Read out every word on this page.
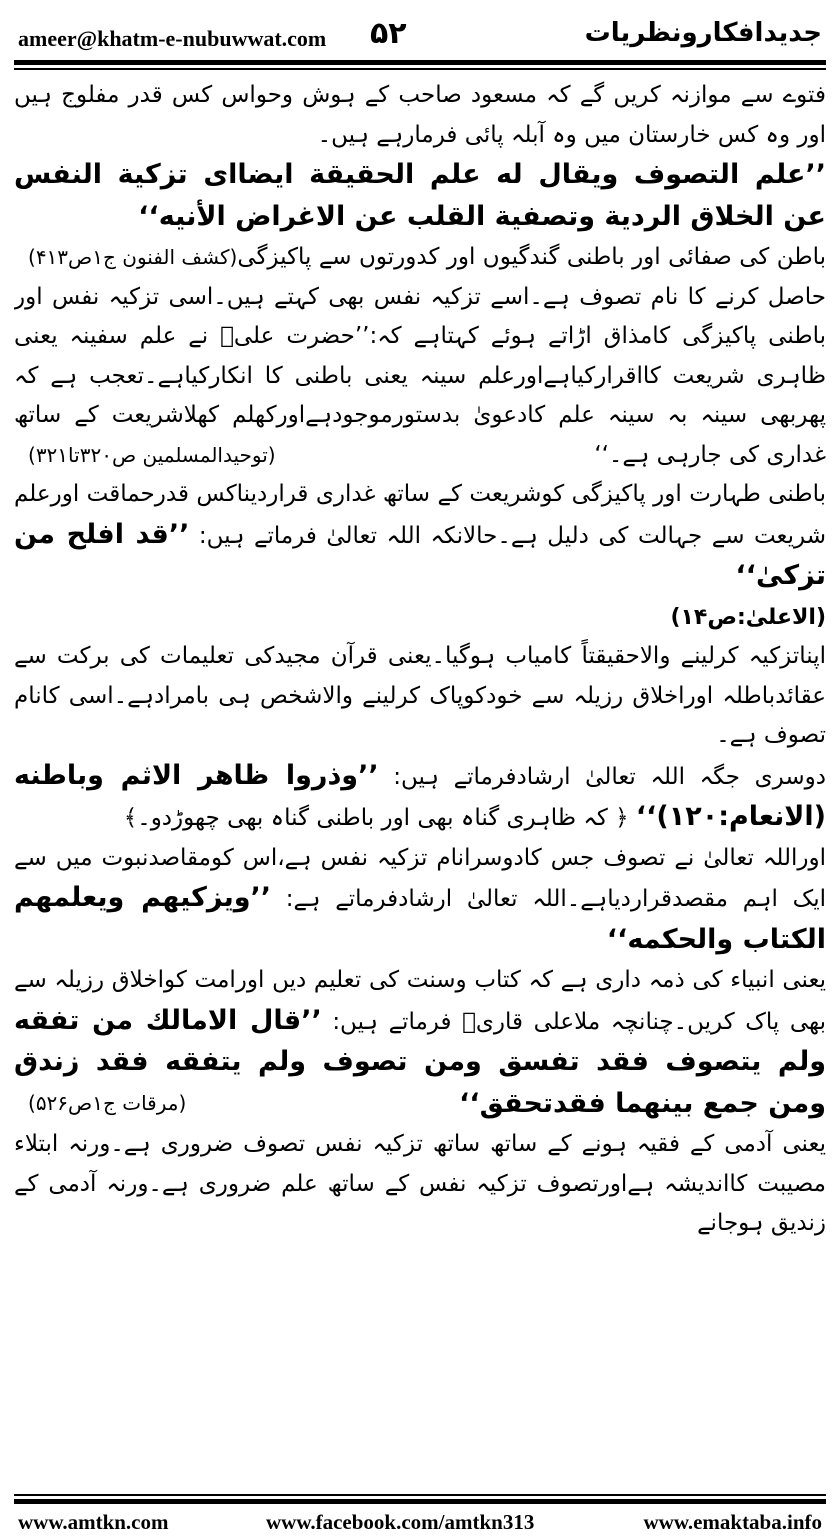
ameer@khatm-e-nubuwwat.com ۵۲	جدیدافکارونظریات

فتوے سے موازنہ کریں گے کہ مسعود صاحب کے ہوش وحواس کس قدر مفلوج ہیں اور وہ کس خارستان میں وہ آبلہ پائی فرمارہے ہیں۔

’’علم التصوف ویقال له علم الحقیقة ایضاای تزکیة النفس عن الخلاق الردیة وتصفیة القلب عن الاغراض الأنیه‘‘
(کشف الفنون ج۱ص۴۱۳) باطن کی صفائی اور باطنی گندگیوں اور کدورتوں سے پاکیزگی حاصل کرنے کا نام تصوف ہے۔اسے تزکیہ نفس بھی کہتے ہیں۔اسی تزکیہ نفس اور باطنی پاکیزگی کامذاق اڑاتے ہوئے کہتاہے کہ:’’حضرت علیؓ نے علم سفینہ یعنی ظاہری شریعت کااقرارکیاہےاورعلم سینہ یعنی باطنی کا انکارکیاہے۔تعجب ہے کہ پھربھی سینہ بہ سینہ علم کادعویٰ بدستورموجودہےاورکھلم کھلاشریعت کے ساتھ غداری کی جارہی ہے۔‘‘
(توحیدالمسلمین ص۳۲۰تا۳۲۱)

باطنی طہارت اور پاکیزگی کوشریعت کے ساتھ غداری قراردیناکس قدرحماقت اورعلم شریعت سے جہالت کی دلیل ہے۔حالانکہ اللہ تعالیٰ فرماتے ہیں: ’’قد افلح من تزکیٰ‘‘

(الاعلیٰ:ص۱۴)

اپناتزکیہ کرلینے والاحقیقتاً کامیاب ہوگیا۔یعنی قرآن مجیدکی تعلیمات کی برکت سے عقائدباطلہ اوراخلاق رزیلہ سے خودکوپاک کرلینے والاشخص ہی بامرادہے۔اسی کانام تصوف ہے۔

دوسری جگہ اللہ تعالیٰ ارشادفرماتے ہیں: ’’وذروا ظاهر الاثم وباطنه (الانعام:۱۲۰)‘‘ ﴿ کہ ظاہری گناہ بھی اور باطنی گناہ بھی چھوڑدو۔﴾

اوراللہ تعالیٰ نے تصوف جس کادوسرانام تزکیہ نفس ہے،اس کومقاصدنبوت میں سے ایک اہم مقصدقراردیاہے۔اللہ تعالیٰ ارشادفرماتے ہے: ’’ویزکیهم ویعلمهم الکتاب والحکمه‘‘

یعنی انبیاء کی ذمہ داری ہے کہ کتاب وسنت کی تعلیم دیں اورامت کواخلاق رزیلہ سے بھی پاک کریں۔چنانچہ ملاعلی قاریؒ فرماتے ہیں: ’’قال الامالك من تفقه ولم یتصوف فقد تفسق ومن تصوف ولم یتفقه فقد زندق ومن جمع بینهما فقدتحقق‘‘
(مرقات ج۱ص۵۲۶)

یعنی آدمی کے فقیہ ہونے کے ساتھ ساتھ تزکیہ نفس تصوف ضروری ہے۔ورنہ ابتلاء مصیبت کااندیشہ ہےاورتصوف تزکیہ نفس کے ساتھ علم ضروری ہے۔ورنہ آدمی کے زندیق ہوجانے

www.amtkn.com	www.facebook.com/amtkn313	www.emaktaba.info
